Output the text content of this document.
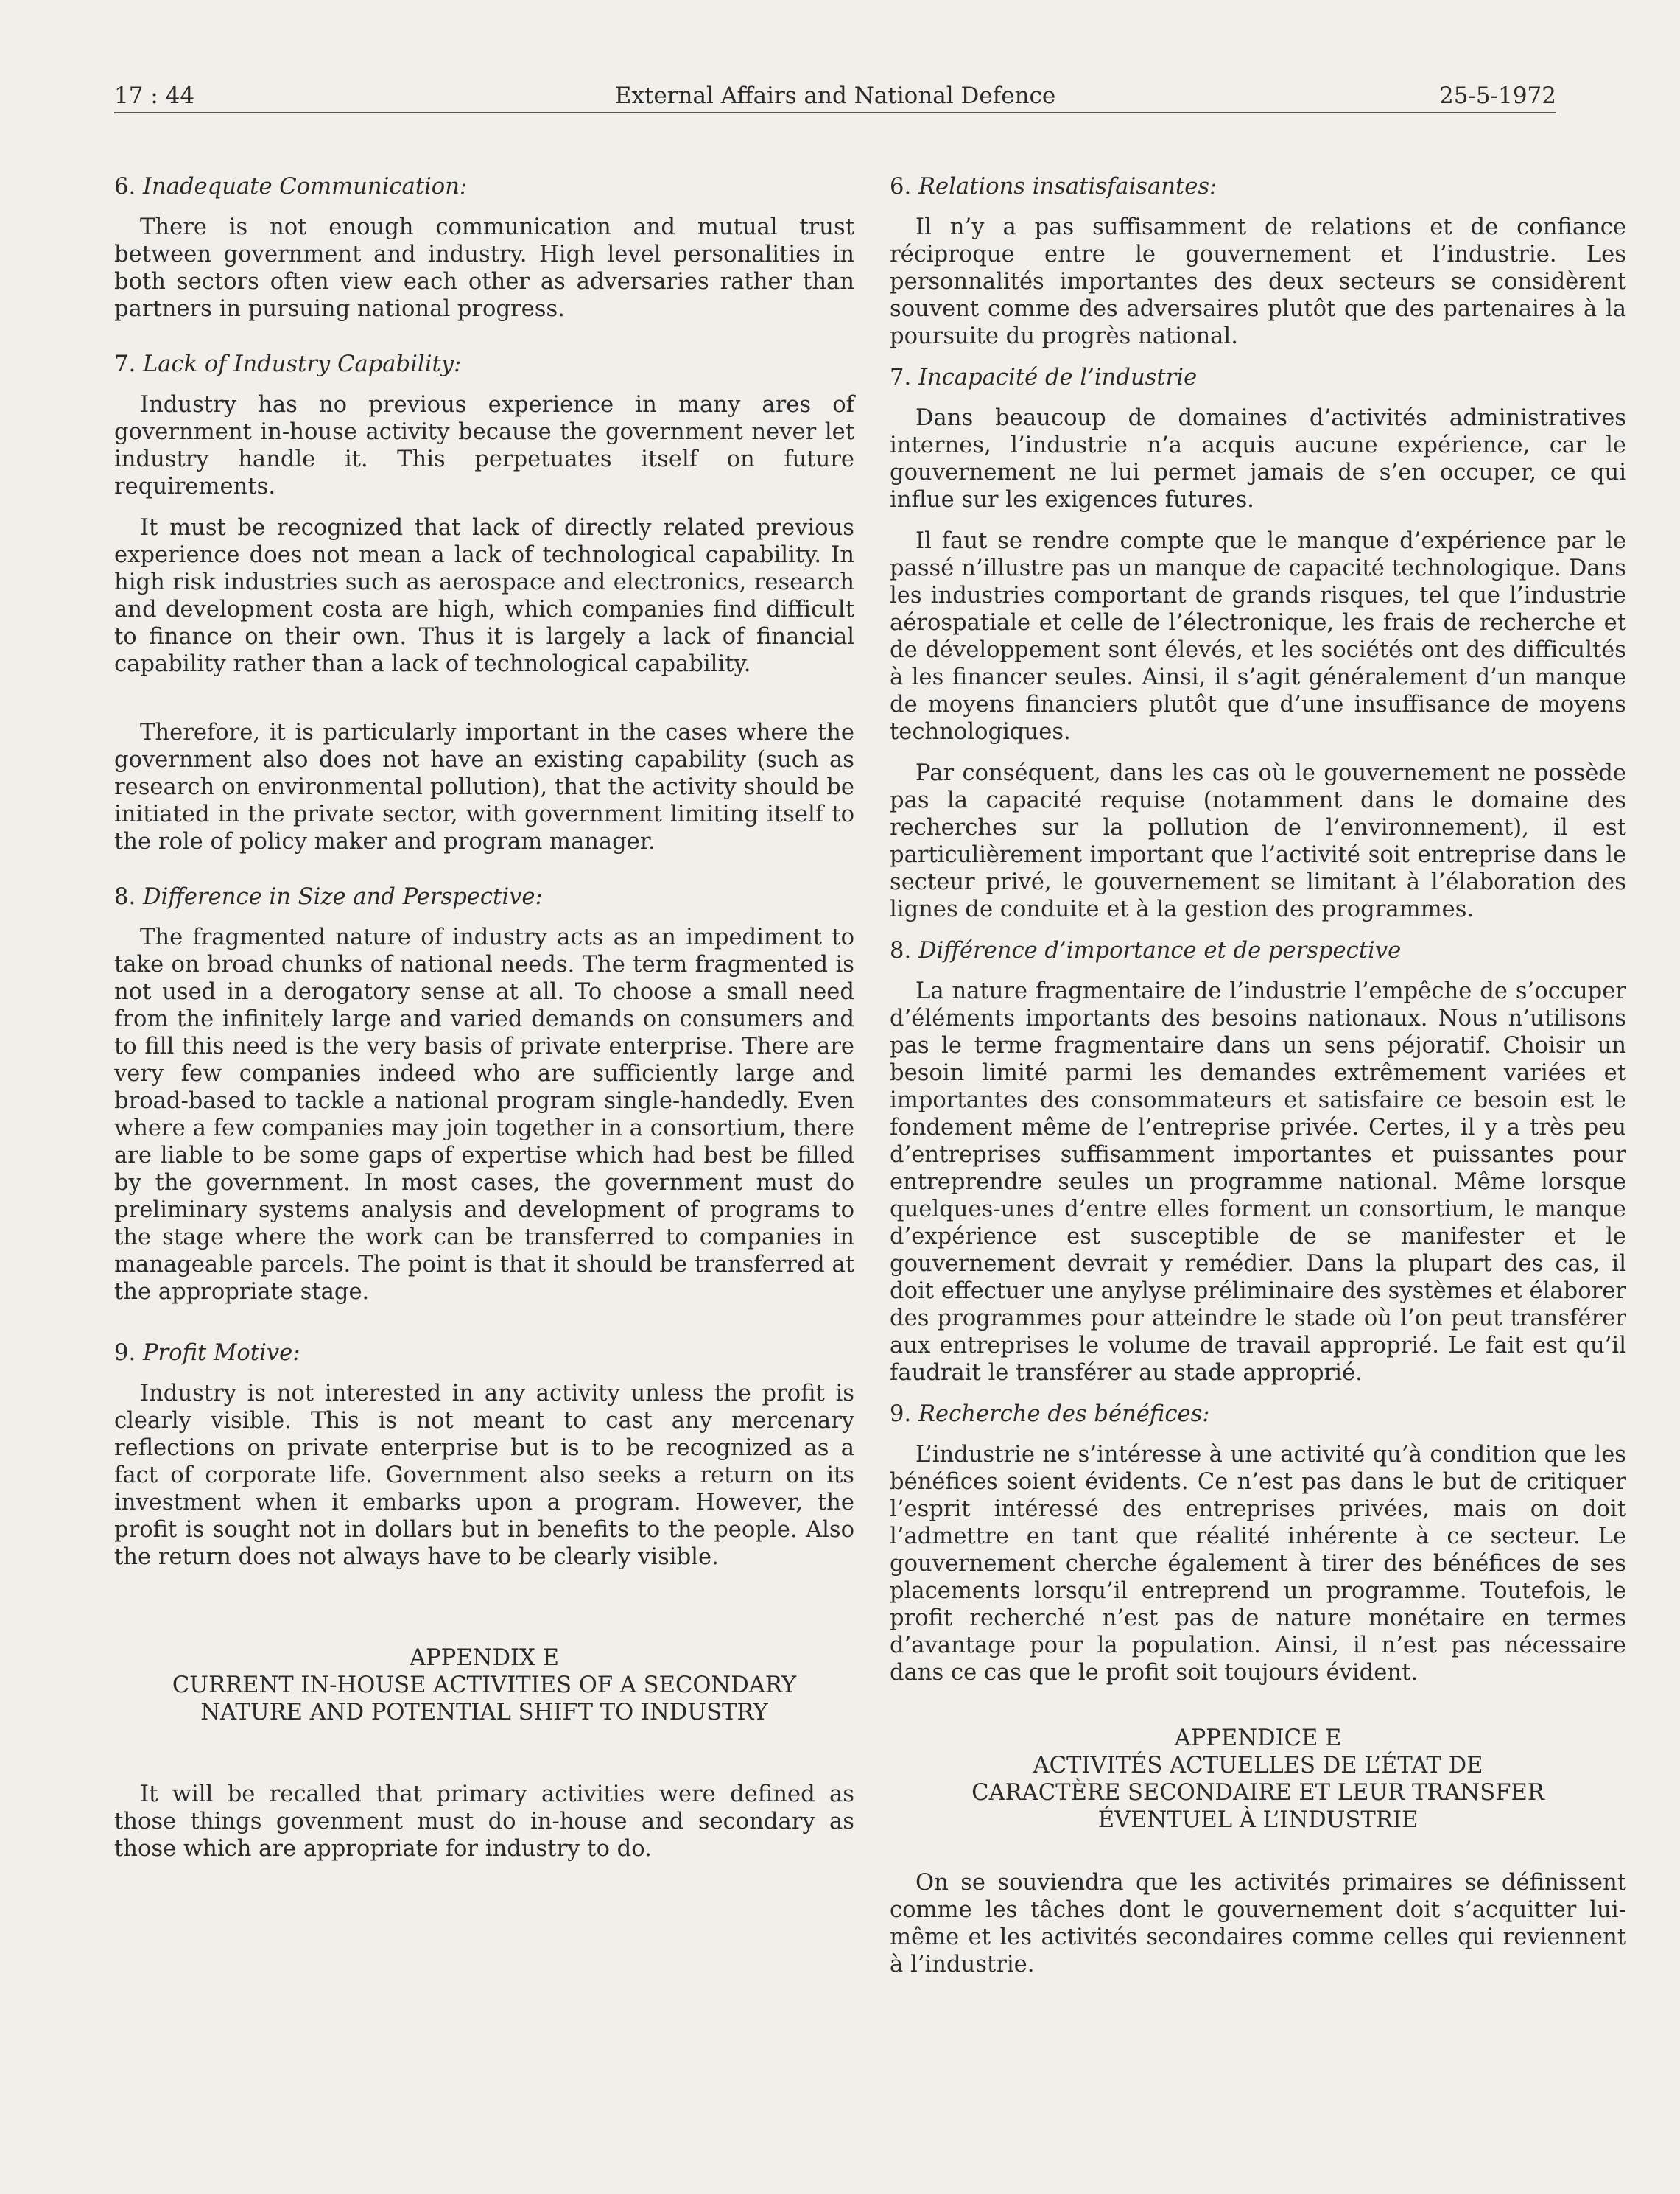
17 : 44	External Affairs and National Defence	25-5-1972
6. Inadequate Communication:

There is not enough communication and mutual trust between government and industry. High level personalities in both sectors often view each other as adversaries rather than partners in pursuing national progress.

7. Lack of Industry Capability:

Industry has no previous experience in many ares of government in-house activity because the government never let industry handle it. This perpetuates itself on future requirements.

It must be recognized that lack of directly related previous experience does not mean a lack of technological capability. In high risk industries such as aerospace and electronics, research and development costa are high, which companies find difficult to finance on their own. Thus it is largely a lack of financial capability rather than a lack of technological capability.

Therefore, it is particularly important in the cases where the government also does not have an existing capability (such as research on environmental pollution), that the activity should be initiated in the private sector, with government limiting itself to the role of policy maker and program manager.

8. Difference in Size and Perspective:

The fragmented nature of industry acts as an impediment to take on broad chunks of national needs. The term fragmented is not used in a derogatory sense at all. To choose a small need from the infinitely large and varied demands on consumers and to fill this need is the very basis of private enterprise. There are very few companies indeed who are sufficiently large and broad-based to tackle a national program single-handedly. Even where a few companies may join together in a consortium, there are liable to be some gaps of expertise which had best be filled by the government. In most cases, the government must do preliminary systems analysis and development of programs to the stage where the work can be transferred to companies in manageable parcels. The point is that it should be transferred at the appropriate stage.

9. Profit Motive:

Industry is not interested in any activity unless the profit is clearly visible. This is not meant to cast any mercenary reflections on private enterprise but is to be recognized as a fact of corporate life. Government also seeks a return on its investment when it embarks upon a program. However, the profit is sought not in dollars but in benefits to the people. Also the return does not always have to be clearly visible.

APPENDIX E
CURRENT IN-HOUSE ACTIVITIES OF A SECONDARY
NATURE AND POTENTIAL SHIFT TO INDUSTRY

It will be recalled that primary activities were defined as those things govenment must do in-house and secondary as those which are appropriate for industry to do.

6. Relations insatisfaisantes:

Il n’y a pas suffisamment de relations et de confiance réciproque entre le gouvernement et l’industrie. Les personnalités importantes des deux secteurs se considèrent souvent comme des adversaires plutôt que des partenaires à la poursuite du progrès national.

7. Incapacité de l’industrie

Dans beaucoup de domaines d’activités administratives internes, l’industrie n’a acquis aucune expérience, car le gouvernement ne lui permet jamais de s’en occuper, ce qui influe sur les exigences futures.

Il faut se rendre compte que le manque d’expérience par le passé n’illustre pas un manque de capacité technologique. Dans les industries comportant de grands risques, tel que l’industrie aérospatiale et celle de l’électronique, les frais de recherche et de développement sont élevés, et les sociétés ont des difficultés à les financer seules. Ainsi, il s’agit généralement d’un manque de moyens financiers plutôt que d’une insuffisance de moyens technologiques.

Par conséquent, dans les cas où le gouvernement ne possède pas la capacité requise (notamment dans le domaine des recherches sur la pollution de l’environnement), il est particulièrement important que l’activité soit entreprise dans le secteur privé, le gouvernement se limitant à l’élaboration des lignes de conduite et à la gestion des programmes.

8. Différence d’importance et de perspective

La nature fragmentaire de l’industrie l’empêche de s’occuper d’éléments importants des besoins nationaux. Nous n’utilisons pas le terme fragmentaire dans un sens péjoratif. Choisir un besoin limité parmi les demandes extrêmement variées et importantes des consommateurs et satisfaire ce besoin est le fondement même de l’entreprise privée. Certes, il y a très peu d’entreprises suffisamment importantes et puissantes pour entreprendre seules un programme national. Même lorsque quelques-unes d’entre elles forment un consortium, le manque d’expérience est susceptible de se manifester et le gouvernement devrait y remédier. Dans la plupart des cas, il doit effectuer une anylyse préliminaire des systèmes et élaborer des programmes pour atteindre le stade où l’on peut transférer aux entreprises le volume de travail approprié. Le fait est qu’il faudrait le transférer au stade approprié.

9. Recherche des bénéfices:

L’industrie ne s’intéresse à une activité qu’à condition que les bénéfices soient évidents. Ce n’est pas dans le but de critiquer l’esprit intéressé des entreprises privées, mais on doit l’admettre en tant que réalité inhérente à ce secteur. Le gouvernement cherche également à tirer des bénéfices de ses placements lorsqu’il entreprend un programme. Toutefois, le profit recherché n’est pas de nature monétaire en termes d’avantage pour la population. Ainsi, il n’est pas nécessaire dans ce cas que le profit soit toujours évident.

APPENDICE E
ACTIVITÉS ACTUELLES DE L’ÉTAT DE
CARACTÈRE SECONDAIRE ET LEUR TRANSFER
ÉVENTUEL À L’INDUSTRIE

On se souviendra que les activités primaires se définissent comme les tâches dont le gouvernement doit s’acquitter lui-même et les activités secondaires comme celles qui reviennent à l’industrie.
